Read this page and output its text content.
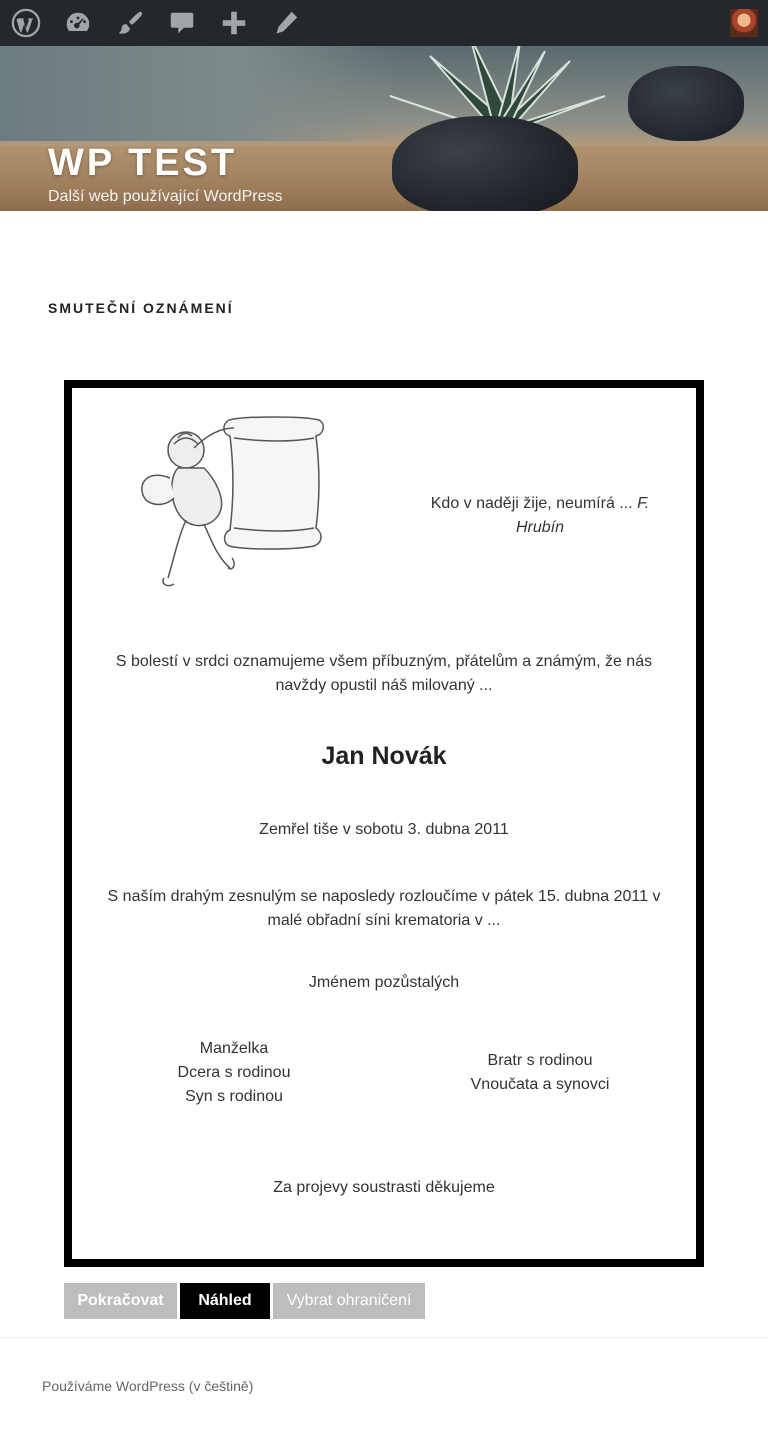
WP TEST
Další web používající WordPress
SMUTEČNÍ OZNÁMENÍ
Kdo v naději žije, neumírá ... F. Hrubín
S bolestí v srdci oznamujeme všem příbuzným, přátelům a známým, že nás navždy opustil náš milovaný ...
Jan Novák
Zemřel tiše v sobotu 3. dubna 2011
S naším drahým zesnulým se naposledy rozloučíme v pátek 15. dubna 2011 v malé obřadní síni krematoria v ...
Jménem pozůstalých
Manželka
Dcera s rodinou
Syn s rodinou
Bratr s rodinou
Vnoučata a synovci
Za projevy soustrasti děkujeme
Pokračovat	Náhled	Vybrat ohraničení
Používáme WordPress (v češtině)
